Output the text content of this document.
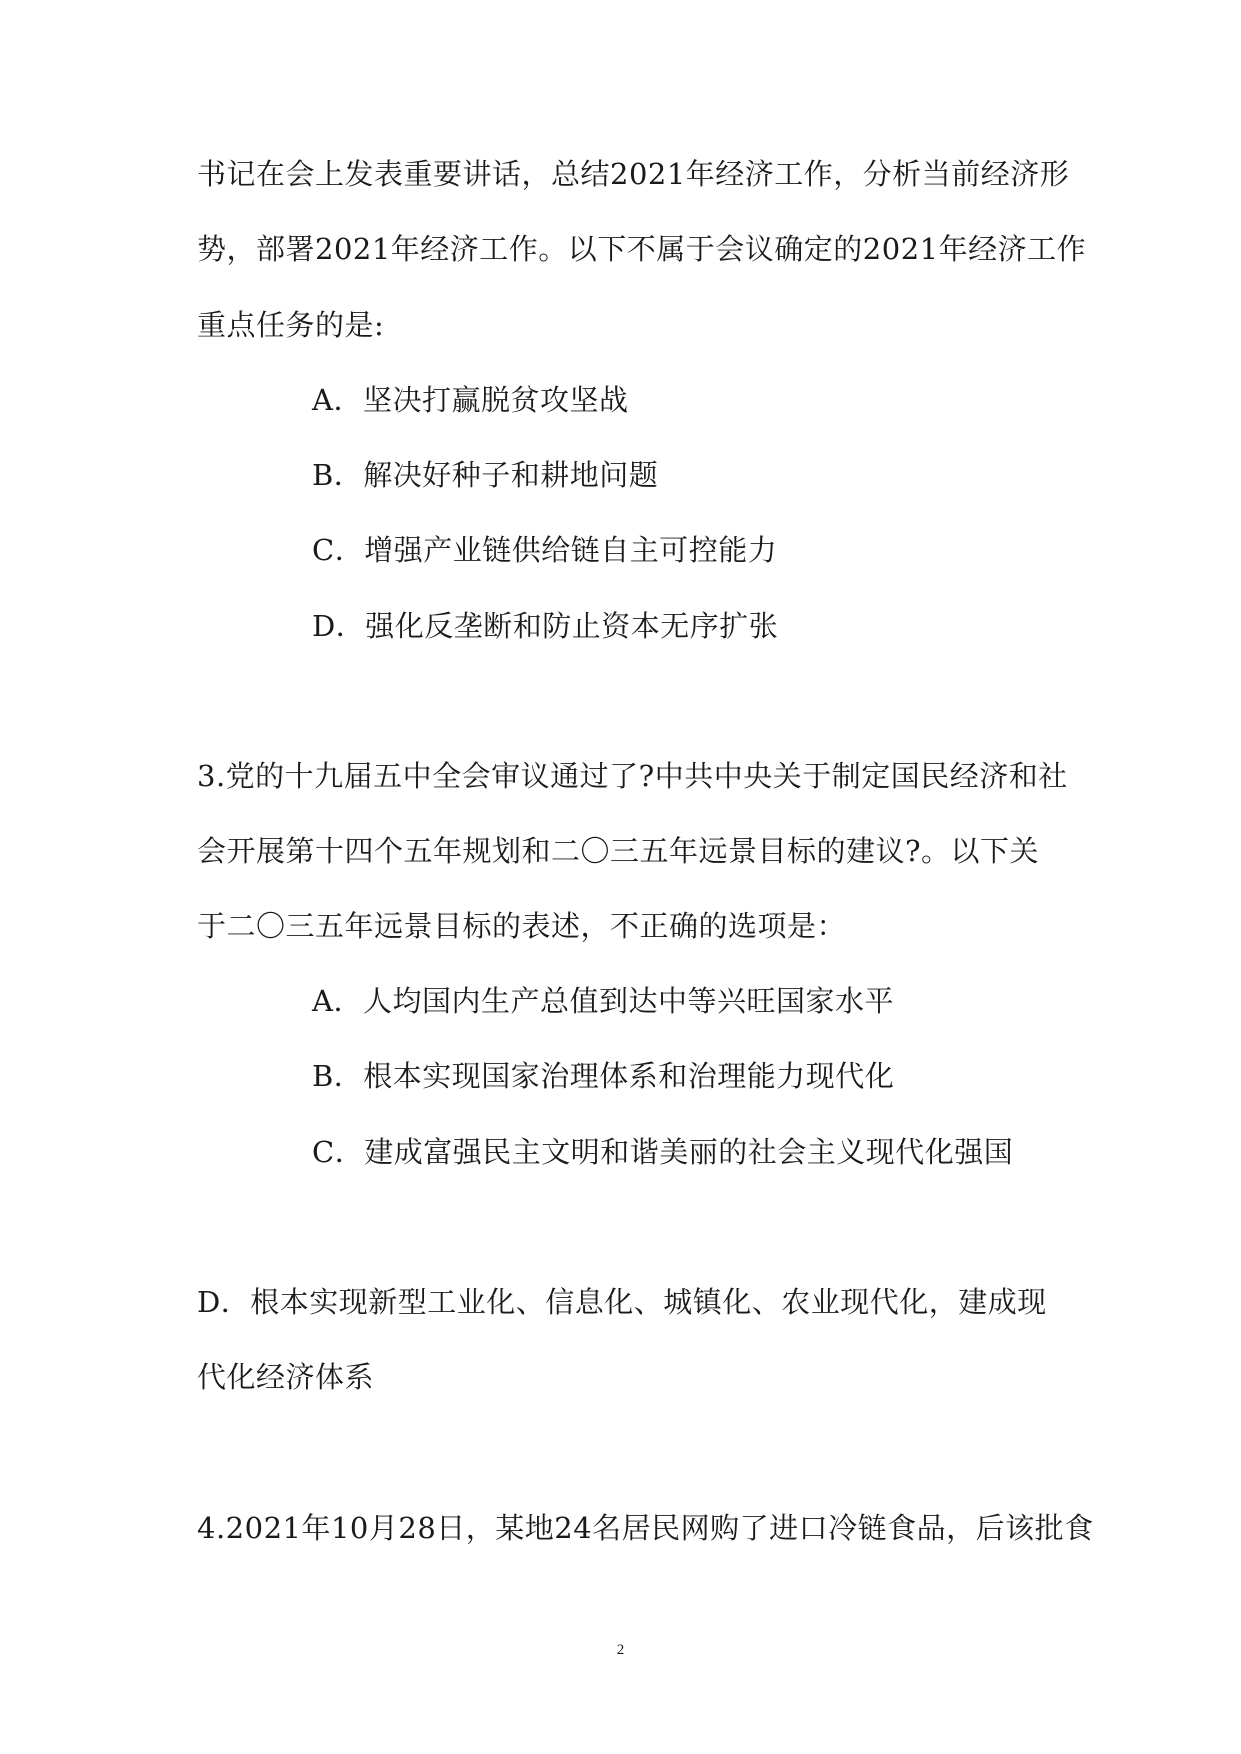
书记在会上发表重要讲话，总结2021年经济工作，分析当前经济形
势，部署2021年经济工作。以下不属于会议确定的2021年经济工作
重点任务的是:
A．坚决打赢脱贫攻坚战
B．解决好种子和耕地问题
C．增强产业链供给链自主可控能力
D．强化反垄断和防止资本无序扩张
3.党的十九届五中全会审议通过了?中共中央关于制定国民经济和社
会开展第十四个五年规划和二〇三五年远景目标的建议?。以下关
于二〇三五年远景目标的表述，不正确的选项是：
A．人均国内生产总值到达中等兴旺国家水平
B．根本实现国家治理体系和治理能力现代化
C．建成富强民主文明和谐美丽的社会主义现代化强国
D．根本实现新型工业化、信息化、城镇化、农业现代化，建成现
代化经济体系
4.2021年10月28日，某地24名居民网购了进口冷链食品，后该批食
2
